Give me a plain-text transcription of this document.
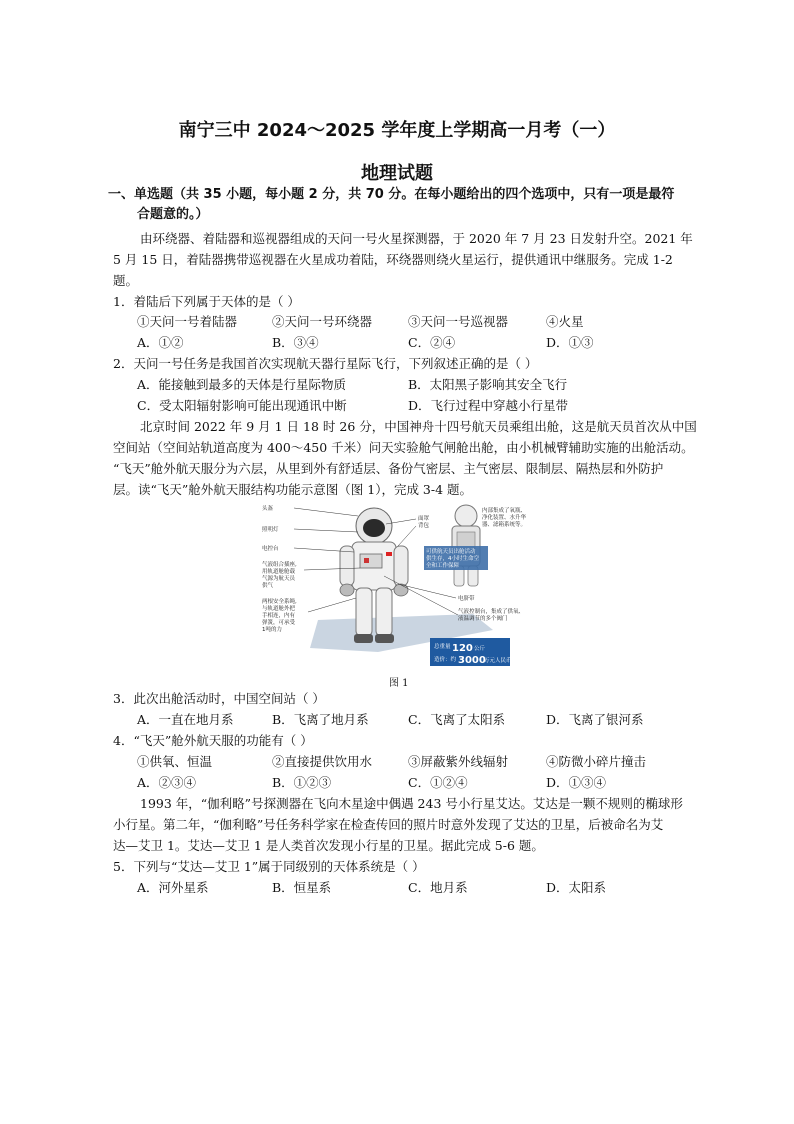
南宁三中 2024～2025 学年度上学期高一月考（一）
地理试题
一、单选题（共 35 小题，每小题 2 分，共 70 分。在每小题给出的四个选项中，只有一项是最符
合题意的。）
由环绕器、着陆器和巡视器组成的天问一号火星探测器，于 2020 年 7 月 23 日发射升空。2021 年
5 月 15 日，着陆器携带巡视器在火星成功着陆，环绕器则绕火星运行，提供通讯中继服务。完成 1-2
题。
1．着陆后下列属于天体的是（ ）
①天问一号着陆器	②天问一号环绕器	③天问一号巡视器	④火星
A．①②	B．③④	C．②④	D．①③
2．天问一号任务是我国首次实现航天器行星际飞行，下列叙述正确的是（ ）
A．能接触到最多的天体是行星际物质	B．太阳黑子影响其安全飞行
C．受太阳辐射影响可能出现通讯中断	D．飞行过程中穿越小行星带
北京时间 2022 年 9 月 1 日 18 时 26 分，中国神舟十四号航天员乘组出舱，这是航天员首次从中国
空间站（空间站轨道高度为 400～450 千米）问天实验舱气闸舱出舱，由小机械臂辅助实施的出舱活动。
“飞天”舱外航天服分为六层，从里到外有舒适层、备份气密层、主气密层、限制层、隔热层和外防护
层。读“飞天”舱外航天服结构功能示意图（图 1），完成 3-4 题。
头盔
照明灯
电控台
气液组合插座,
用轨道舱舱载
气源为航天员
供气
两根安全系绳,
与轨道舱外把
手相连，内有
弹簧，可承受
1吨的力
面罩
背包
内部集成了氧瓶、
净化装置、水升华
器、滤箱系统等。
可供航天员出舱活动
供生存，4小时生命空
全和工作保障
电脐带
气液控制台，集成了供氧、
液温调节的多个阀门
总重量 120 公斤
造价：约 3000
万元人民币
图 1
3．此次出舱活动时，中国空间站（ ）
A．一直在地月系	B．飞离了地月系	C．飞离了太阳系	D．飞离了银河系
4．“飞天”舱外航天服的功能有（ ）
①供氧、恒温	②直接提供饮用水	③屏蔽紫外线辐射	④防微小碎片撞击
A．②③④	B．①②③	C．①②④	D．①③④
1993 年，“伽利略”号探测器在飞向木星途中偶遇 243 号小行星艾达。艾达是一颗不规则的椭球形
小行星。第二年，“伽利略”号任务科学家在检查传回的照片时意外发现了艾达的卫星，后被命名为艾
达—艾卫 1。艾达—艾卫 1 是人类首次发现小行星的卫星。据此完成 5-6 题。
5．下列与“艾达—艾卫 1”属于同级别的天体系统是（ ）
A．河外星系	B．恒星系	C．地月系	D．太阳系
